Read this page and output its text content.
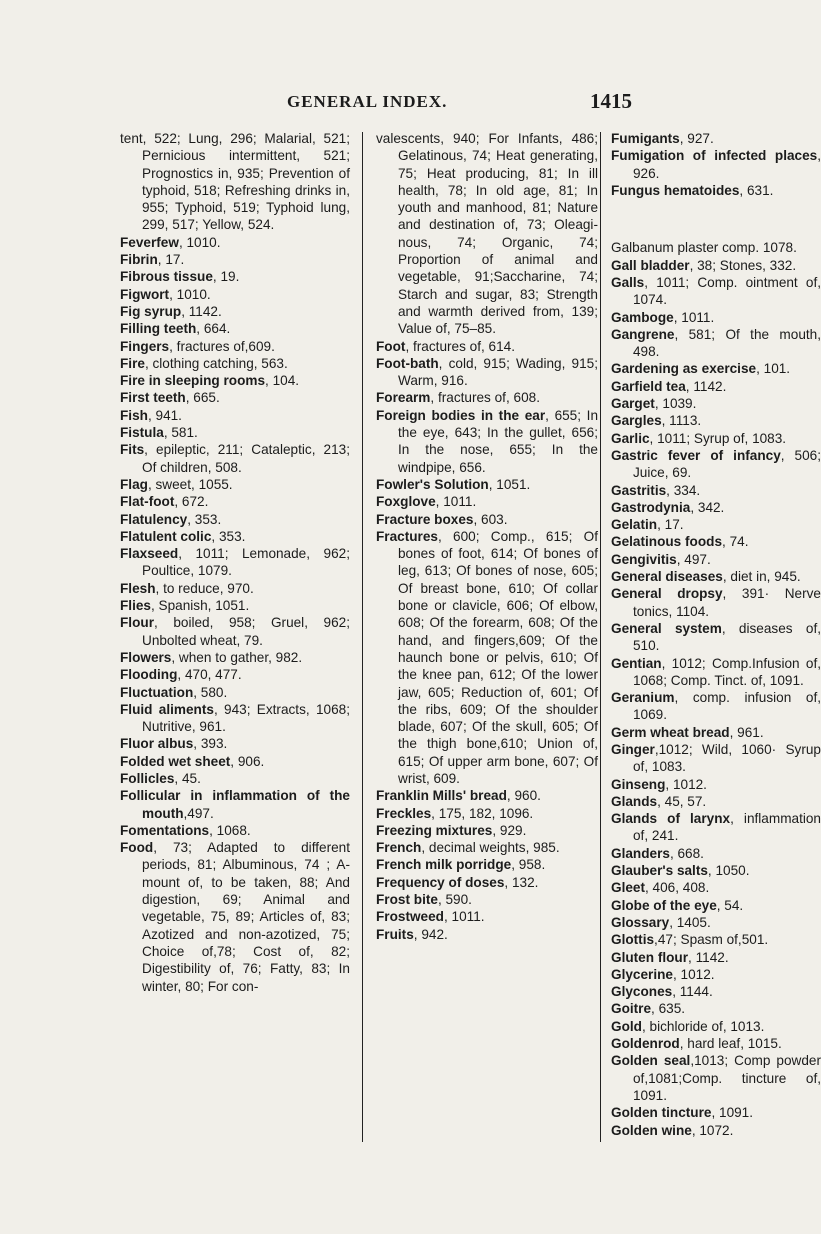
GENERAL INDEX.	1415

tent, 522; Lung, 296; Malarial, 521; Pernicious intermittent, 521; Prognostics in, 935; Prevention of typhoid, 518; Refreshing drinks in, 955; Typhoid, 519; Typhoid lung, 299, 517; Yellow, 524.

Feverfew, 1010.

Fibrin, 17.

Fibrous tissue, 19.

Figwort, 1010.

Fig syrup, 1142.

Filling teeth, 664.

Fingers, fractures of,609.

Fire, clothing catching, 563.

Fire in sleeping rooms, 104.

First teeth, 665.

Fish, 941.

Fistula, 581.

Fits, epileptic, 211; Cataleptic, 213; Of children, 508.

Flag, sweet, 1055.

Flat-foot, 672.

Flatulency, 353.

Flatulent colic, 353.

Flaxseed, 1011; Lemonade, 962; Poultice, 1079.

Flesh, to reduce, 970.

Flies, Spanish, 1051.

Flour, boiled, 958; Gruel, 962; Unbolted wheat, 79.

Flowers, when to gather, 982.

Flooding, 470, 477.

Fluctuation, 580.

Fluid aliments, 943; Extracts, 1068; Nutritive, 961.

Fluor albus, 393.

Folded wet sheet, 906.

Follicles, 45.

Follicular in inflammation of the mouth,497.

Fomentations, 1068.

Food, 73; Adapted to different periods, 81; Albuminous, 74 ; Amount of, to be taken, 88; And digestion, 69; Animal and vegetable, 75, 89; Articles of, 83; Azotized and non-azotized, 75; Choice of,78; Cost of, 82; Digestibility of, 76; Fatty, 83; In winter, 80; For con-

valescents, 940; For Infants, 486; Gelatinous, 74; Heat generating, 75; Heat producing, 81; In ill health, 78; In old age, 81; In youth and manhood, 81; Nature and destination of, 73; Oleaginous, 74; Organic, 74; Proportion of animal and vegetable, 91;Saccharine, 74; Starch and sugar, 83; Strength and warmth derived from, 139; Value of, 75–85.

Foot, fractures of, 614.

Foot-bath, cold, 915; Wading, 915; Warm, 916.

Forearm, fractures of, 608.

Foreign bodies in the ear, 655; In the eye, 643; In the gullet, 656; In the nose, 655; In the windpipe, 656.

Fowler's Solution, 1051.

Foxglove, 1011.

Fracture boxes, 603.

Fractures, 600; Comp., 615; Of bones of foot, 614; Of bones of leg, 613; Of bones of nose, 605; Of breast bone, 610; Of collar bone or clavicle, 606; Of elbow, 608; Of the forearm, 608; Of the hand, and fingers,609; Of the haunch bone or pelvis, 610; Of the knee pan, 612; Of the lower jaw, 605; Reduction of, 601; Of the ribs, 609; Of the shoulder blade, 607; Of the skull, 605; Of the thigh bone,610; Union of, 615; Of upper arm bone, 607; Of wrist, 609.

Franklin Mills' bread, 960.

Freckles, 175, 182, 1096.

Freezing mixtures, 929.

French, decimal weights, 985.

French milk porridge, 958.

Frequency of doses, 132.

Frost bite, 590.

Frostweed, 1011.

Fruits, 942.

Fumigants, 927.

Fumigation of infected places, 926.

Fungus hematoides, 631.

Galbanum plaster comp. 1078.

Gall bladder, 38; Stones, 332.

Galls, 1011; Comp. ointment of, 1074.

Gamboge, 1011.

Gangrene, 581; Of the mouth, 498.

Gardening as exercise, 101.

Garfield tea, 1142.

Garget, 1039.

Gargles, 1113.

Garlic, 1011; Syrup of, 1083.

Gastric fever of infancy, 506; Juice, 69.

Gastritis, 334.

Gastrodynia, 342.

Gelatin, 17.

Gelatinous foods, 74.

Gengivitis, 497.

General diseases, diet in, 945.

General dropsy, 391· Nerve tonics, 1104.

General system, diseases of, 510.

Gentian, 1012; Comp.Infusion of, 1068; Comp. Tinct. of, 1091.

Geranium, comp. infusion of, 1069.

Germ wheat bread, 961.

Ginger,1012; Wild, 1060· Syrup of, 1083.

Ginseng, 1012.

Glands, 45, 57.

Glands of larynx, inflammation of, 241.

Glanders, 668.

Glauber's salts, 1050.

Gleet, 406, 408.

Globe of the eye, 54.

Glossary, 1405.

Glottis,47; Spasm of,501.

Gluten flour, 1142.

Glycerine, 1012.

Glycones, 1144.

Goitre, 635.

Gold, bichloride of, 1013.

Goldenrod, hard leaf, 1015.

Golden seal,1013; Comp powder of,1081;Comp. tincture of, 1091.

Golden tincture, 1091.

Golden wine, 1072.
